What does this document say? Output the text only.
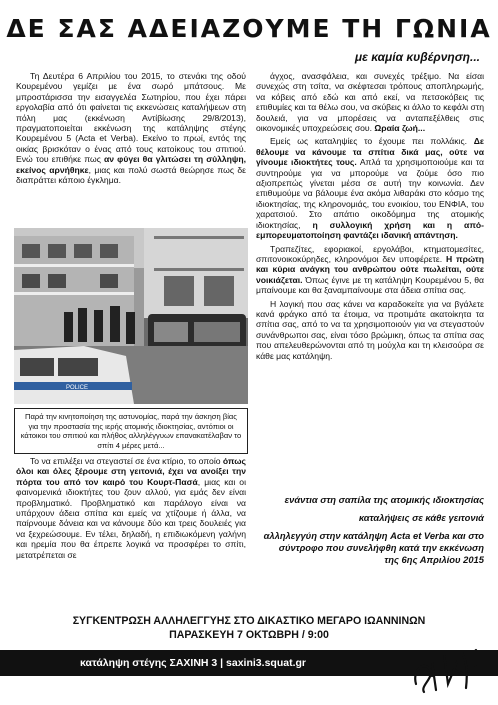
ΔΕ ΣΑΣ ΑΔΕΙΑΖΟΥΜΕ ΤΗ ΓΩΝΙΑ
με καμία κυβέρνηση...
Τη Δευτέρα 6 Απριλίου του 2015, το στενάκι της οδού Κουρεμένου γεμίζει με ένα σωρό μπάτσους. Με μπροστάρισσα την εισαγγελέα Σωτηρίου, που έχει πάρει εργολαβία από ότι φαίνεται τις εκκενώσεις καταλήψεων στη πόλη μας (εκκένωση Αντίβίωσης 29/8/2013), πραγματοποιείται εκκένωση της κατάληψης στέγης Κουρεμένου 5 (Acta et Verba). Εκείνο το πρωί, εντός της οικίας βρισκόταν ο ένας από τους κατοίκους του σπιτιού. Ενώ του επιθήκε πως αν φύγει θα γλιτώσει τη σύλληψη, εκείνος αρνήθηκε, μιας και πολύ σωστά θεώρησε πως δε διαπράττει κάποιο έγκλημα.
POLICE
Παρά την κινητοποίηση της αστυνομίας, παρά την άσκηση βίας για την προστασία της ιερής ατομικής ιδιοκτησίας, αντόπιοι οι κάτοικοι του σπιτιού και πλήθος αλληλέγγυων επανακατέλαβαν το σπίτι 4 μέρες μετά...

Το να επιλέξει να στεγαστεί σε ένα κτίριο, το οποίο όπως όλοι και όλες ξέρουμε στη γειτονιά, έχει να ανοίξει την πόρτα του από τον καιρό του Κουρτ-Πασά, μιας και οι φαινομενικά ιδιοκτήτες του ζουν αλλού, για εμάς δεν είναι προβληματικό. Προβληματικό και παράλογο είναι να υπάρχουν άδεια σπίτια και εμείς να χτίζουμε ή άλλα, να παίρνουμε δάνεια και να κάνουμε δύο και τρεις δουλειές για να ξεχρεώσουμε. Εν τέλει, δηλαδή, η επιδιωκόμενη γαλήνη και ηρεμία που θα έπρεπε λογικά να προσφέρει το σπίτι, μετατρέπεται σε

άγχος, ανασφάλεια, και συνεχές τρέξιμο. Να είσαι συνεχώς στη τσίτα, να σκέφτεσαι τρόπους αποπληρωμής, να κόβεις από εδώ και από εκεί, να πετσοκόβεις τις επιθυμίες και τα θέλω σου, να σκύβεις κι άλλο το κεφάλι στη δουλειά, για να μπορέσεις να ανταπεξέλθεις στις οικονομικές υποχρεώσεις σου. Ωραία ζωή...

Εμείς ως καταληψίες το έχουμε πει πολλάκις. Δε θέλουμε να κάνουμε τα σπίτια δικά μας, ούτε να γίνουμε ιδιοκτήτες τους. Απλά τα χρησιμοποιούμε και τα συντηρούμε για να μπορούμε να ζούμε όσο πιο αξιοπρεπώς γίνεται μέσα σε αυτή την κοινωνία. Δεν επιθυμούμε να βάλουμε ένα ακόμα λιθαράκι στο κόσμο της ιδιοκτησίας, της κληρονομιάς, του ενοικίου, του ΕΝΦΙΑ, του χαρατσιού. Στο απάτιο οικοδόμημα της ατομικής ιδιοκτησίας, η συλλογική χρήση και η από-εμπορευματοποίηση φαντάζει ιδανική απάντηση.

Τραπεζίτες, εφοριακοί, εργολάβοι, κτηματομεσίτες, σπιτονοικοκύρηδες, κληρονόμοι δεν υποφέρετε. Η πρώτη και κύρια ανάγκη του ανθρώπου ούτε πωλείται, ούτε νοικιάζεται. Όπως έγινε με τη κατάληψη Κουρεμένου 5, θα μπαίνουμε και θα ξαναμπαίνουμε στα άδεια σπίτια σας.

Η λογική που σας κάνει να καραδοκείτε για να βγάλετε κανά φράγκο από τα έτοιμα, να προτιμάτε ακατοίκητα τα σπίτια σας, από το να τα χρησιμοποιούν για να στεγαστούν συνάνθρωποι σας, είναι τόσο βρώμικη, όπως τα σπίτια σας που απελευθερώνονται από τη μούχλα και τη κλεισούρα σε κάθε μας κατάληψη.

ενάντια στη σαπίλα της ατομικής ιδιοκτησίας
καταλήψεις σε κάθε γειτονιά
αλληλεγγύη στην κατάληψη Acta et Verba και στο σύντροφο που συνελήφθη κατά την εκκένωση της 6ης Απριλίου 2015
ΣΥΓΚΕΝΤΡΩΣΗ ΑΛΛΗΛΕΓΓΥΗΣ ΣΤΟ ΔΙΚΑΣΤΙΚΟ ΜΕΓΑΡΟ ΙΩΑΝΝΙΝΩΝ
ΠΑΡΑΣΚΕΥΗ 7 ΟΚΤΩΒΡΗ / 9:00
κατάληψη στέγης ΣΑΧΙΝΗ 3 | saxini3.squat.gr
